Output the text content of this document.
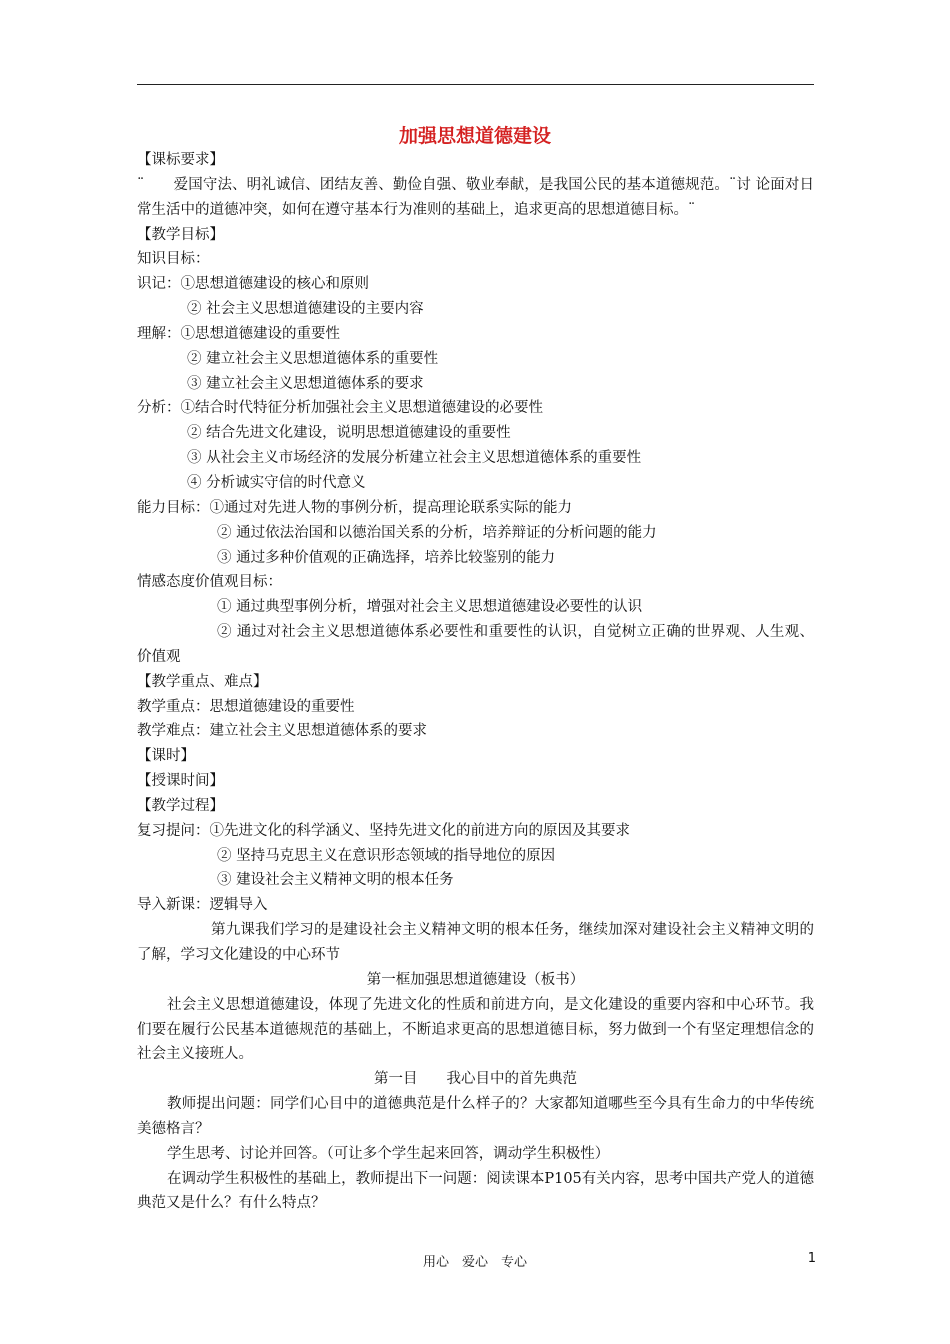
加强思想道德建设
【课标要求】
¨　　爱国守法、明礼诚信、团结友善、勤俭自强、敬业奉献，是我国公民的基本道德规范。¨讨 论面对日常生活中的道德冲突，如何在遵守基本行为准则的基础上，追求更高的思想道德目标。¨
【教学目标】
知识目标：
识记：①思想道德建设的核心和原则
② 社会主义思想道德建设的主要内容
理解：①思想道德建设的重要性
② 建立社会主义思想道德体系的重要性
③ 建立社会主义思想道德体系的要求
分析：①结合时代特征分析加强社会主义思想道德建设的必要性
② 结合先进文化建设，说明思想道德建设的重要性
③ 从社会主义市场经济的发展分析建立社会主义思想道德体系的重要性
④ 分析诚实守信的时代意义
能力目标：①通过对先进人物的事例分析，提高理论联系实际的能力
② 通过依法治国和以德治国关系的分析，培养辩证的分析问题的能力
③ 通过多种价值观的正确选择，培养比较鉴别的能力
情感态度价值观目标：
① 通过典型事例分析，增强对社会主义思想道德建设必要性的认识
② 通过对社会主义思想道德体系必要性和重要性的认识，自觉树立正确的世界观、人生观、价值观
【教学重点、难点】
教学重点：思想道德建设的重要性
教学难点：建立社会主义思想道德体系的要求
【课时】
【授课时间】
【教学过程】
复习提问：①先进文化的科学涵义、坚持先进文化的前进方向的原因及其要求
② 坚持马克思主义在意识形态领域的指导地位的原因
③ 建设社会主义精神文明的根本任务
导入新课：逻辑导入
第九课我们学习的是建设社会主义精神文明的根本任务，继续加深对建设社会主义精神文明的了解，学习文化建设的中心环节
第一框加强思想道德建设（板书）
社会主义思想道德建设，体现了先进文化的性质和前进方向，是文化建设的重要内容和中心环节。我们要在履行公民基本道德规范的基础上，不断追求更高的思想道德目标，努力做到一个有坚定理想信念的社会主义接班人。
第一目　　我心目中的首先典范
教师提出问题：同学们心目中的道德典范是什么样子的？大家都知道哪些至今具有生命力的中华传统美德格言？
学生思考、讨论并回答。（可让多个学生起来回答，调动学生积极性）
在调动学生积极性的基础上，教师提出下一问题：阅读课本P105有关内容，思考中国共产党人的道德典范又是什么？有什么特点？
用心　爱心　专心	1
